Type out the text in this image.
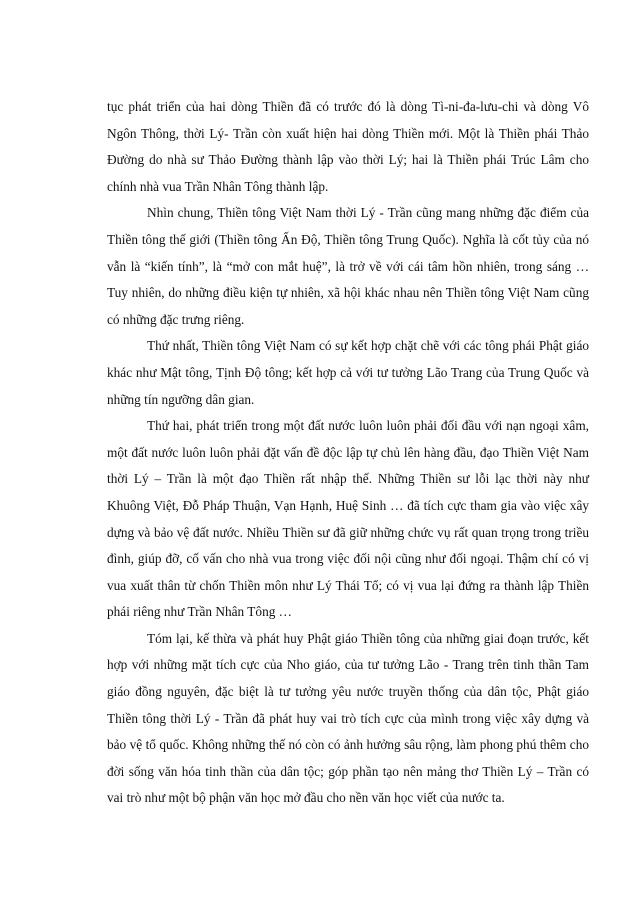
tục phát triển của hai dòng Thiền đã có trước đó là dòng Tì-ni-đa-lưu-chi và dòng Vô Ngôn Thông, thời Lý- Trần còn xuất hiện hai dòng Thiền mới. Một là Thiền phái Thảo Đường do nhà sư Thảo Đường thành lập vào thời Lý; hai là Thiền phái Trúc Lâm cho chính nhà vua Trần Nhân Tông thành lập.

Nhìn chung, Thiền tông Việt Nam thời Lý - Trần cũng mang những đặc điểm của Thiền tông thế giới (Thiền tông Ấn Độ, Thiền tông Trung Quốc). Nghĩa là cốt tủy của nó vẫn là “kiến tính”, là “mở con mắt huệ”, là trở về với cái tâm hồn nhiên, trong sáng … Tuy nhiên, do những điều kiện tự nhiên, xã hội khác nhau nên Thiền tông Việt Nam cũng có những đặc trưng riêng.

Thứ nhất, Thiền tông Việt Nam có sự kết hợp chặt chẽ với các tông phái Phật giáo khác như Mật tông, Tịnh Độ tông; kết hợp cả với tư tưởng Lão Trang của Trung Quốc và những tín ngưỡng dân gian.

Thứ hai, phát triển trong một đất nước luôn luôn phải đối đầu với nạn ngoại xâm, một đất nước luôn luôn phải đặt vấn đề độc lập tự chủ lên hàng đầu, đạo Thiền Việt Nam thời Lý – Trần là một đạo Thiền rất nhập thế. Những Thiền sư lỗi lạc thời này như Khuông Việt, Đỗ Pháp Thuận, Vạn Hạnh, Huệ Sinh … đã tích cực tham gia vào việc xây dựng và bảo vệ đất nước. Nhiều Thiền sư đã giữ những chức vụ rất quan trọng trong triều đình, giúp đỡ, cố vấn cho nhà vua trong việc đối nội cũng như đối ngoại. Thậm chí có vị vua xuất thân từ chốn Thiền môn như Lý Thái Tổ; có vị vua lại đứng ra thành lập Thiền phái riêng như Trần Nhân Tông …

Tóm lại, kế thừa và phát huy Phật giáo Thiền tông của những giai đoạn trước, kết hợp với những mặt tích cực của Nho giáo, của tư tưởng Lão - Trang trên tinh thần Tam giáo đồng nguyên, đặc biệt là tư tưởng yêu nước truyền thống của dân tộc, Phật giáo Thiền tông thời Lý - Trần đã phát huy vai trò tích cực của mình trong việc xây dựng và bảo vệ tổ quốc. Không những thế nó còn có ảnh hưởng sâu rộng, làm phong phú thêm cho đời sống văn hóa tinh thần của dân tộc; góp phần tạo nên mảng thơ Thiền Lý – Trần có vai trò như một bộ phận văn học mở đầu cho nền văn học viết của nước ta.
